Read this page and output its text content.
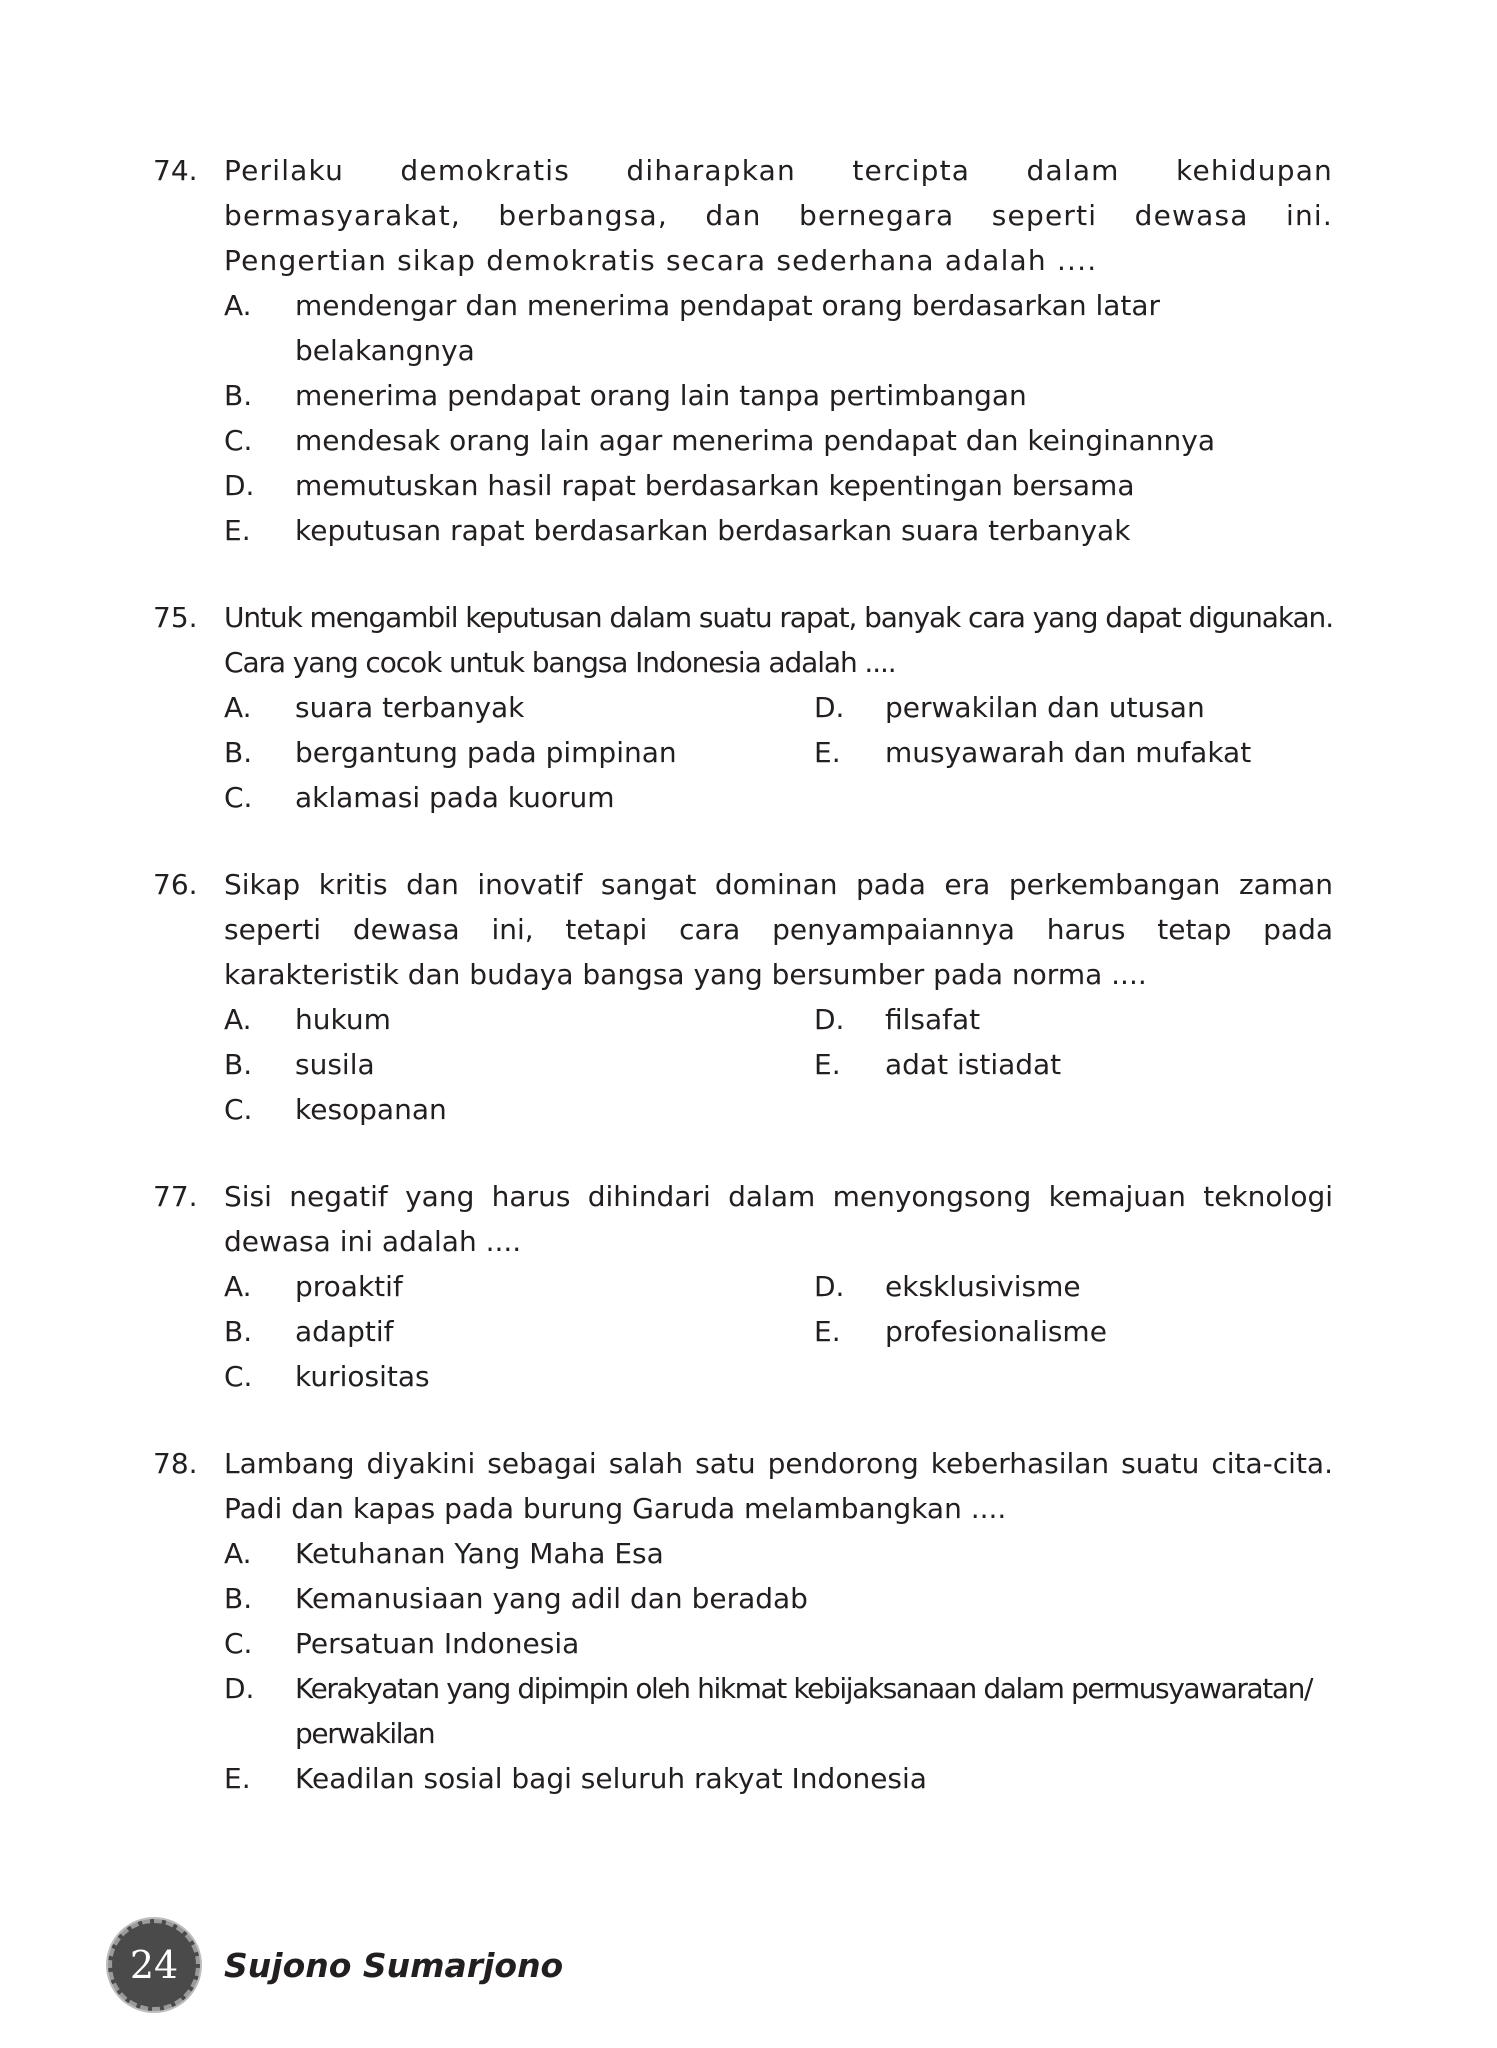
74. Perilaku demokratis diharapkan tercipta dalam kehidupan bermasyarakat, berbangsa, dan bernegara seperti dewasa ini. Pengertian sikap demokratis secara sederhana adalah ....
A.	mendengar dan menerima pendapat orang berdasarkan latar belakangnya
B.	menerima pendapat orang lain tanpa pertimbangan
C.	mendesak orang lain agar menerima pendapat dan keinginannya
D.	memutuskan hasil rapat berdasarkan kepentingan bersama
E.	keputusan rapat berdasarkan berdasarkan suara terbanyak
75. Untuk mengambil keputusan dalam suatu rapat, banyak cara yang dapat digunakan. Cara yang cocok untuk bangsa Indonesia adalah ....
A.	suara terbanyak
B.	bergantung pada pimpinan
C.	aklamasi pada kuorum
D.	perwakilan dan utusan
E.	musyawarah dan mufakat
76. Sikap kritis dan inovatif sangat dominan pada era perkembangan zaman seperti dewasa ini, tetapi cara penyampaiannya harus tetap pada karakteristik dan budaya bangsa yang bersumber pada norma ....
A.	hukum
B.	susila
C.	kesopanan
D.	filsafat
E.	adat istiadat
77. Sisi negatif yang harus dihindari dalam menyongsong kemajuan teknologi dewasa ini adalah ....
A.	proaktif
B.	adaptif
C.	kuriositas
D.	eksklusivisme
E.	profesionalisme
78. Lambang diyakini sebagai salah satu pendorong keberhasilan suatu cita-cita. Padi dan kapas pada burung Garuda melambangkan ....
A.	Ketuhanan Yang Maha Esa
B.	Kemanusiaan yang adil dan beradab
C.	Persatuan Indonesia
D.	Kerakyatan yang dipimpin oleh hikmat kebijaksanaan dalam permusyawaratan/ perwakilan
E.	Keadilan sosial bagi seluruh rakyat Indonesia
24	Sujono Sumarjono
